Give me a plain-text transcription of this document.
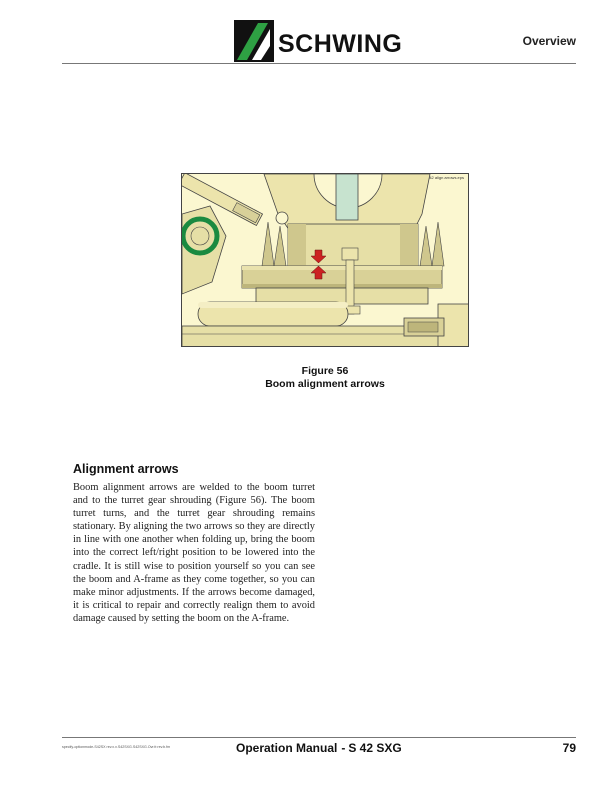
SCHWING	Overview
42 align arrows.eps
Figure 56
Boom alignment arrows
Alignment arrows
Boom alignment arrows are welded to the boom turret and to the turret gear shrouding (Figure 56). The boom turret turns, and the turret gear shrouding remains stationary. By aligning the two arrows so they are directly in line with one another when folding up, bring the boom into the correct left/right position to be lowered into the cradle. It is still wise to position yourself so you can see the boom and A-frame as they come together, so you can make minor adjustments. If the arrows become damaged, it is critical to repair and correctly realign them to avoid damage caused by setting the boom on the A-frame.
specify-optionmode-S42SX rev.x.x.S42SXG.S42SXG.Ovr.fr.rev.b.fm	Operation Manual - S 42 SXG	79
